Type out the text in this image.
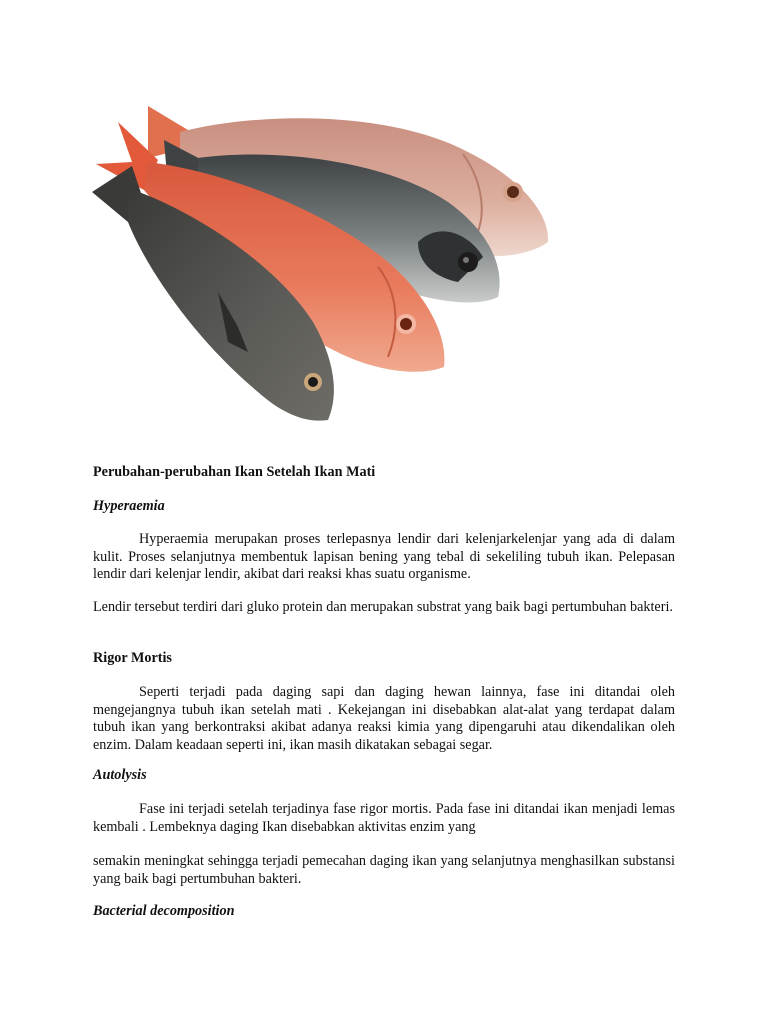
Perubahan-perubahan Ikan Setelah Ikan Mati
Hyperaemia

Hyperaemia merupakan proses terlepasnya lendir dari kelenjarkelenjar yang ada di dalam kulit. Proses selanjutnya membentuk lapisan bening yang tebal di sekeliling tubuh ikan. Pelepasan lendir dari kelenjar lendir, akibat dari reaksi khas suatu organisme.

Lendir tersebut terdiri dari gluko protein dan merupakan substrat yang baik bagi pertumbuhan bakteri.

Rigor Mortis

Seperti terjadi pada daging sapi dan daging hewan lainnya, fase ini ditandai oleh mengejangnya tubuh ikan setelah mati . Kekejangan ini disebabkan alat-alat yang terdapat dalam tubuh ikan yang berkontraksi akibat adanya reaksi kimia yang dipengaruhi atau dikendalikan oleh enzim. Dalam keadaan seperti ini, ikan masih dikatakan sebagai segar.

Autolysis

Fase ini terjadi setelah terjadinya fase rigor mortis. Pada fase ini ditandai ikan menjadi lemas kembali . Lembeknya daging Ikan disebabkan aktivitas enzim yang

semakin meningkat sehingga terjadi pemecahan daging ikan yang selanjutnya menghasilkan substansi yang baik bagi pertumbuhan bakteri.

Bacterial decomposition
